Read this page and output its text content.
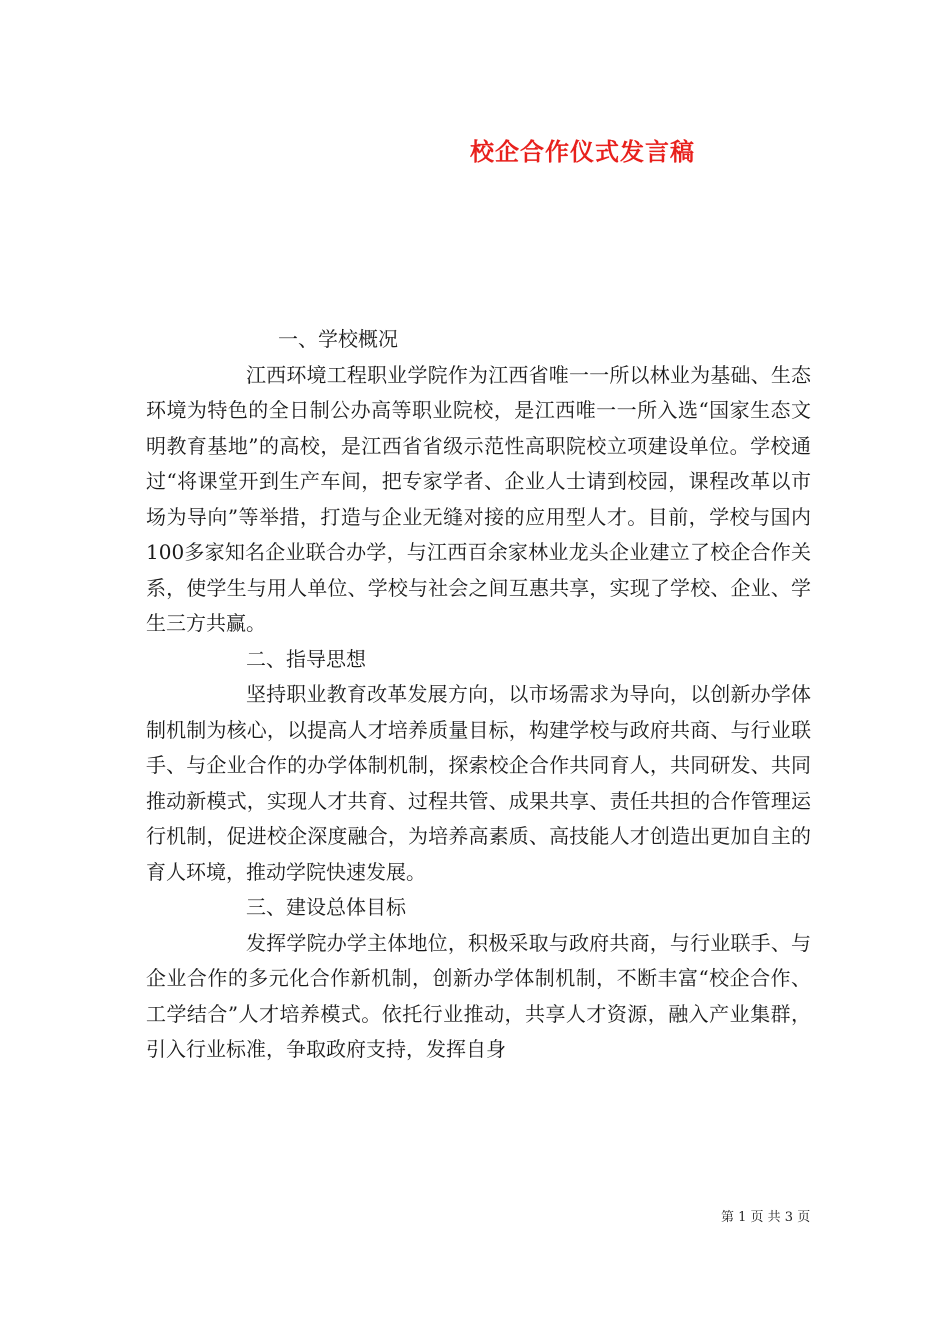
校企合作仪式发言稿

一、学校概况

江西环境工程职业学院作为江西省唯一一所以林业为基础、生态环境为特色的全日制公办高等职业院校，是江西唯一一所入选“国家生态文明教育基地”的高校，是江西省省级示范性高职院校立项建设单位。学校通过“将课堂开到生产车间，把专家学者、企业人士请到校园，课程改革以市场为导向”等举措，打造与企业无缝对接的应用型人才。目前，学校与国内100多家知名企业联合办学，与江西百余家林业龙头企业建立了校企合作关系，使学生与用人单位、学校与社会之间互惠共享，实现了学校、企业、学生三方共赢。

二、指导思想

坚持职业教育改革发展方向，以市场需求为导向，以创新办学体制机制为核心，以提高人才培养质量目标，构建学校与政府共商、与行业联手、与企业合作的办学体制机制，探索校企合作共同育人，共同研发、共同推动新模式，实现人才共育、过程共管、成果共享、责任共担的合作管理运行机制，促进校企深度融合，为培养高素质、高技能人才创造出更加自主的育人环境，推动学院快速发展。

三、建设总体目标

发挥学院办学主体地位，积极采取与政府共商，与行业联手、与企业合作的多元化合作新机制，创新办学体制机制，不断丰富“校企合作、工学结合”人才培养模式。依托行业推动，共享人才资源，融入产业集群，引入行业标准，争取政府支持，发挥自身

第 1 页 共 3 页
